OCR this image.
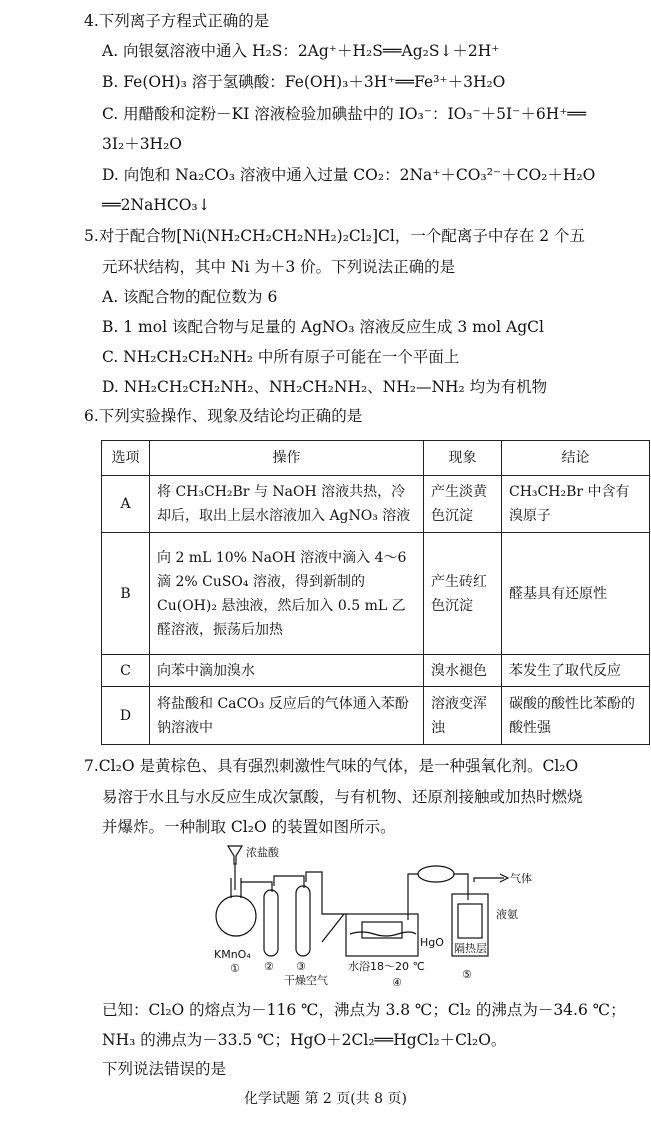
4.下列离子方程式正确的是
A. 向银氨溶液中通入 H₂S：2Ag⁺＋H₂S══Ag₂S↓＋2H⁺
B. Fe(OH)₃ 溶于氢碘酸：Fe(OH)₃＋3H⁺══Fe³⁺＋3H₂O
C. 用醋酸和淀粉－KI 溶液检验加碘盐中的 IO₃⁻：IO₃⁻＋5I⁻＋6H⁺══
3I₂＋3H₂O
D. 向饱和 Na₂CO₃ 溶液中通入过量 CO₂：2Na⁺＋CO₃²⁻＋CO₂＋H₂O
══2NaHCO₃↓
5.对于配合物[Ni(NH₂CH₂CH₂NH₂)₂Cl₂]Cl，一个配离子中存在 2 个五
元环状结构，其中 Ni 为＋3 价。下列说法正确的是
A. 该配合物的配位数为 6
B. 1 mol 该配合物与足量的 AgNO₃ 溶液反应生成 3 mol AgCl
C. NH₂CH₂CH₂NH₂ 中所有原子可能在一个平面上
D. NH₂CH₂CH₂NH₂、NH₂CH₂NH₂、NH₂—NH₂ 均为有机物
6.下列实验操作、现象及结论均正确的是
选项	操作	现象	结论
A	将 CH₃CH₂Br 与 NaOH 溶液共热，冷却后，取出上层水溶液加入 AgNO₃ 溶液	产生淡黄色沉淀	CH₃CH₂Br 中含有溴原子
B	向 2 mL 10% NaOH 溶液中滴入 4～6 滴 2% CuSO₄ 溶液，得到新制的 Cu(OH)₂ 悬浊液，然后加入 0.5 mL 乙醛溶液，振荡后加热	产生砖红色沉淀	醛基具有还原性
C	向苯中滴加溴水	溴水褪色	苯发生了取代反应
D	将盐酸和 CaCO₃ 反应后的气体通入苯酚钠溶液中	溶液变浑浊	碳酸的酸性比苯酚的酸性强
7.Cl₂O 是黄棕色、具有强烈刺激性气味的气体，是一种强氧化剂。Cl₂O
易溶于水且与水反应生成次氯酸，与有机物、还原剂接触或加热时燃烧
并爆炸。一种制取 Cl₂O 的装置如图所示。
浓盐酸
KMnO₄
① ② ③
干燥空气
水浴18～20 ℃
HgO
④
气体
隔热层
液氨
⑤
已知：Cl₂O 的熔点为－116 ℃，沸点为 3.8 ℃；Cl₂ 的沸点为－34.6 ℃；
NH₃ 的沸点为－33.5 ℃；HgO＋2Cl₂══HgCl₂＋Cl₂O。
下列说法错误的是
化学试题 第 2 页(共 8 页)
